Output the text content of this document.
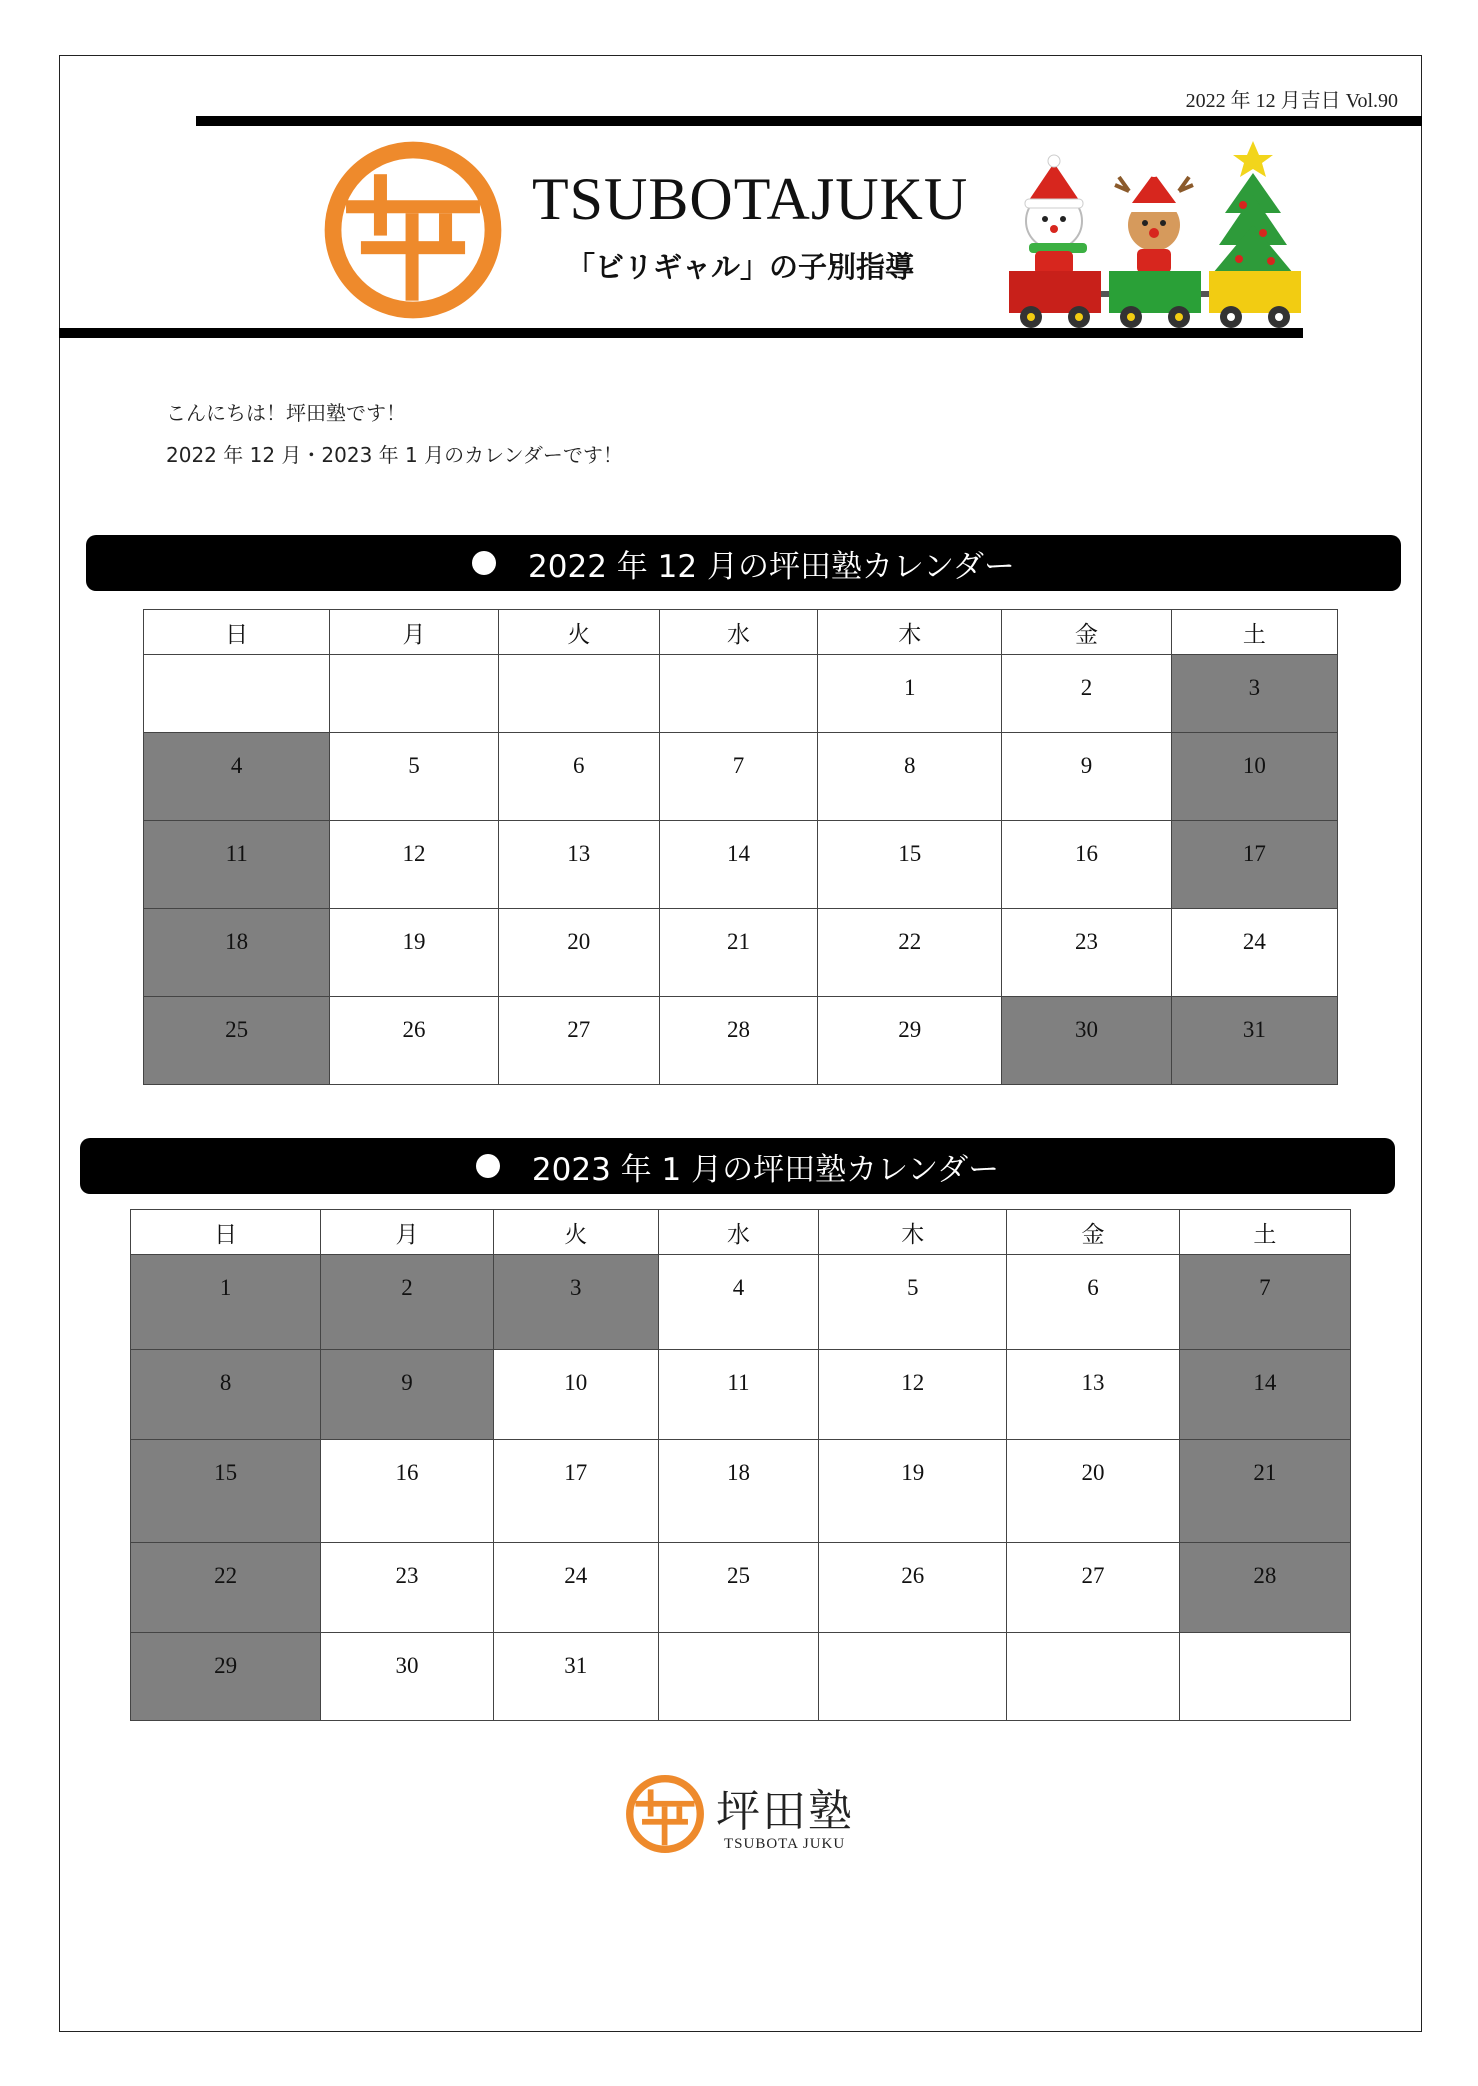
2022 年 12 月吉日 Vol.90
TSUBOTAJUKU
「ビリギャル」の子別指導
こんにちは！坪田塾です！
2022 年 12 月・2023 年 1 月のカレンダーです！
2022 年 12 月の坪田塾カレンダー
日	月	火	水	木	金	土
				1	2	3
4	5	6	7	8	9	10
11	12	13	14	15	16	17
18	19	20	21	22	23	24
25	26	27	28	29	30	31
2023 年 1 月の坪田塾カレンダー
日	月	火	水	木	金	土
1	2	3	4	5	6	7
8	9	10	11	12	13	14
15	16	17	18	19	20	21
22	23	24	25	26	27	28
29	30	31				
坪田塾
TSUBOTA JUKU
